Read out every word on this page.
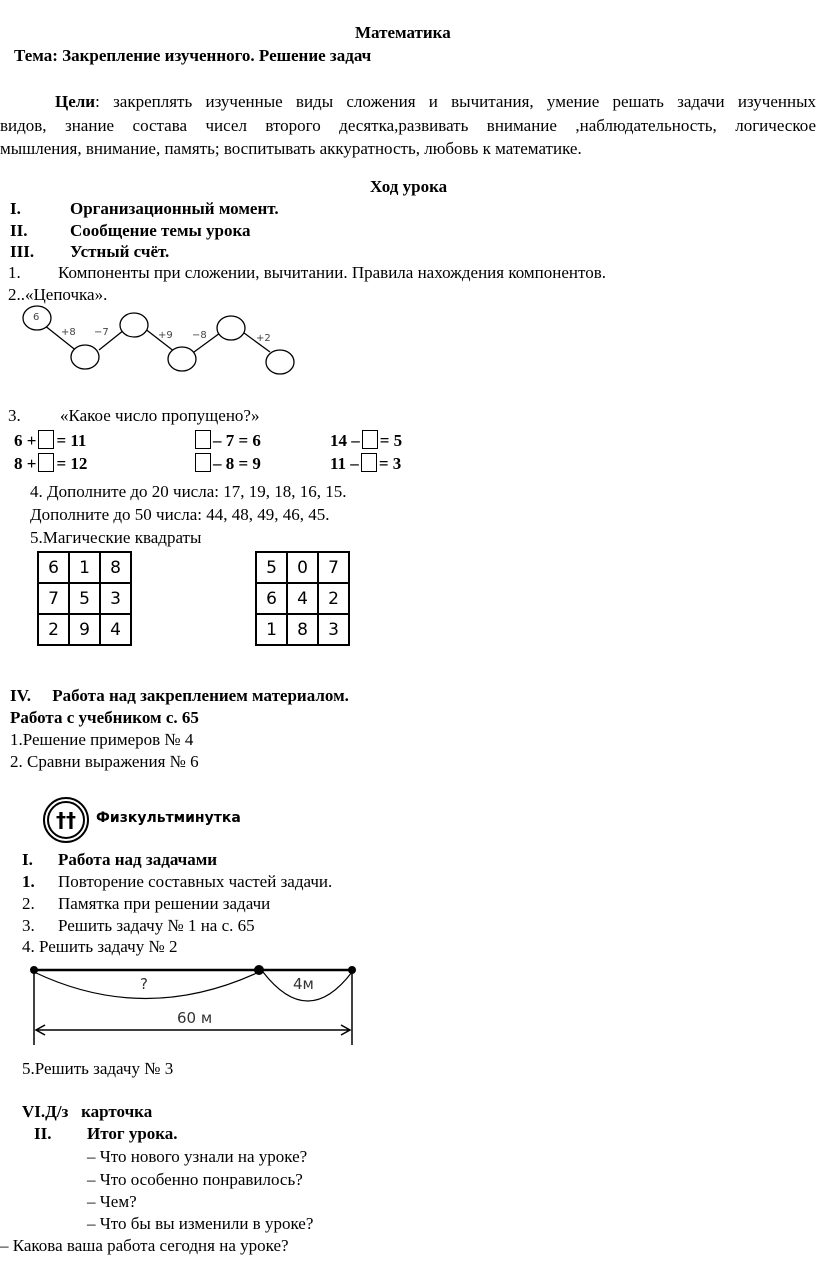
Математика
Тема: Закрепление изученного. Решение задач
Цели: закреплять изученные виды сложения и вычитания, умение решать задачи изученных
видов, знание состава чисел второго десятка,развивать внимание ,наблюдательность, логическое
мышления, внимание, память; воспитывать аккуратность, любовь к математике.
Ход урока
I.	Организационный момент.
II.	Сообщение темы урока
III. Устный счёт.
1. Компоненты при сложении, вычитании. Правила нахождения компонентов.
2..«Цепочка».
6
+8 −7	+9 −8	+2
3. «Какое число пропущено?»
6 + = 11	– 7 = 6	14 – = 5
8 + = 12	– 8 = 9	11 – = 3
4. Дополните до 20 числа: 17, 19, 18, 16, 15.
Дополните до 50 числа: 44, 48, 49, 46, 45.
5.Магические квадраты
6	1	8
7	5	3
2	9	4
5	0	7
6	4	2
1	8	3
IV.     Работа над закреплением материалом.
Работа с учебником с. 65
1.Решение примеров № 4
2. Сравни выражения № 6
†† Физкультминутка
I. Работа над задачами
1. Повторение составных частей задачи.
2. Памятка при решении задачи
3. Решить задачу № 1 на с. 65
4. Решить задачу № 2
?	4м
60 м
5.Решить задачу № 3
VI.Д/з   карточка
II. Итог урока.
– Что нового узнали на уроке?
– Что особенно понравилось?
– Чем?
– Что бы вы изменили в уроке?
– Какова ваша работа сегодня на уроке?
